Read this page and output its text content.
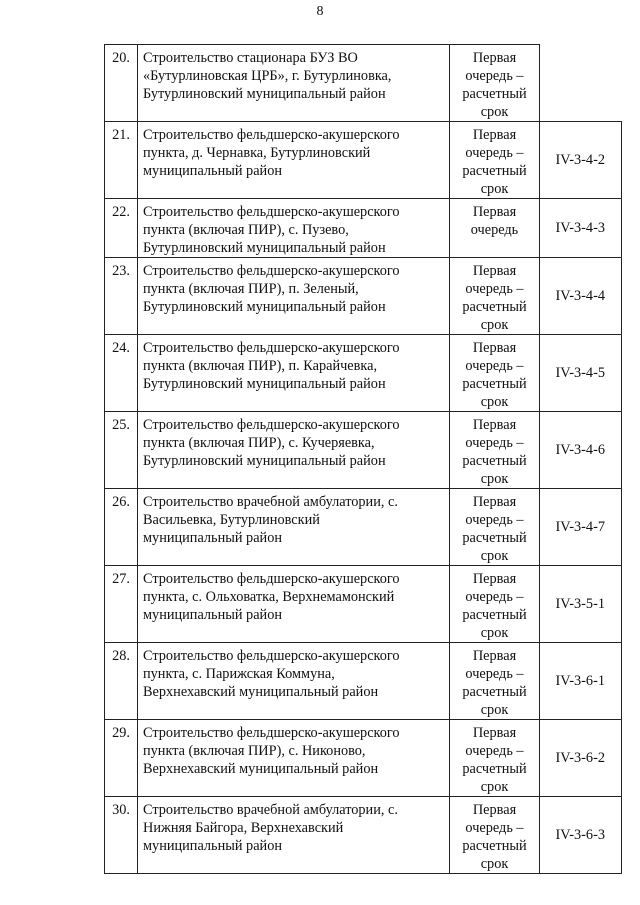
8
20.	Строительство стационара БУЗ ВО
«Бутурлиновская ЦРБ», г. Бутурлиновка,
Бутурлиновский муниципальный район	Первая
очередь –
расчетный
срок	

21.	Строительство фельдшерско-акушерского
пункта, д. Чернавка, Бутурлиновский
муниципальный район	Первая
очередь –
расчетный
срок	IV-3-4-2
22.	Строительство фельдшерско-акушерского
пункта (включая ПИР), с. Пузево,
Бутурлиновский муниципальный район	Первая
очередь	IV-3-4-3
23.	Строительство фельдшерско-акушерского
пункта (включая ПИР), п. Зеленый,
Бутурлиновский муниципальный район	Первая
очередь –
расчетный
срок	IV-3-4-4
24.	Строительство фельдшерско-акушерского
пункта (включая ПИР), п. Карайчевка,
Бутурлиновский муниципальный район	Первая
очередь –
расчетный
срок	IV-3-4-5
25.	Строительство фельдшерско-акушерского
пункта (включая ПИР), с. Кучеряевка,
Бутурлиновский муниципальный район	Первая
очередь –
расчетный
срок	IV-3-4-6
26.	Строительство врачебной амбулатории, с.
Васильевка, Бутурлиновский
муниципальный район	Первая
очередь –
расчетный
срок	IV-3-4-7
27.	Строительство фельдшерско-акушерского
пункта, с. Ольховатка, Верхнемамонский
муниципальный район	Первая
очередь –
расчетный
срок	IV-3-5-1
28.	Строительство фельдшерско-акушерского
пункта, с. Парижская Коммуна,
Верхнехавский муниципальный район	Первая
очередь –
расчетный
срок	IV-3-6-1
29.	Строительство фельдшерско-акушерского
пункта (включая ПИР), с. Никоново,
Верхнехавский муниципальный район	Первая
очередь –
расчетный
срок	IV-3-6-2
30.	Строительство врачебной амбулатории, с.
Нижняя Байгора, Верхнехавский
муниципальный район	Первая
очередь –
расчетный
срок	IV-3-6-3
